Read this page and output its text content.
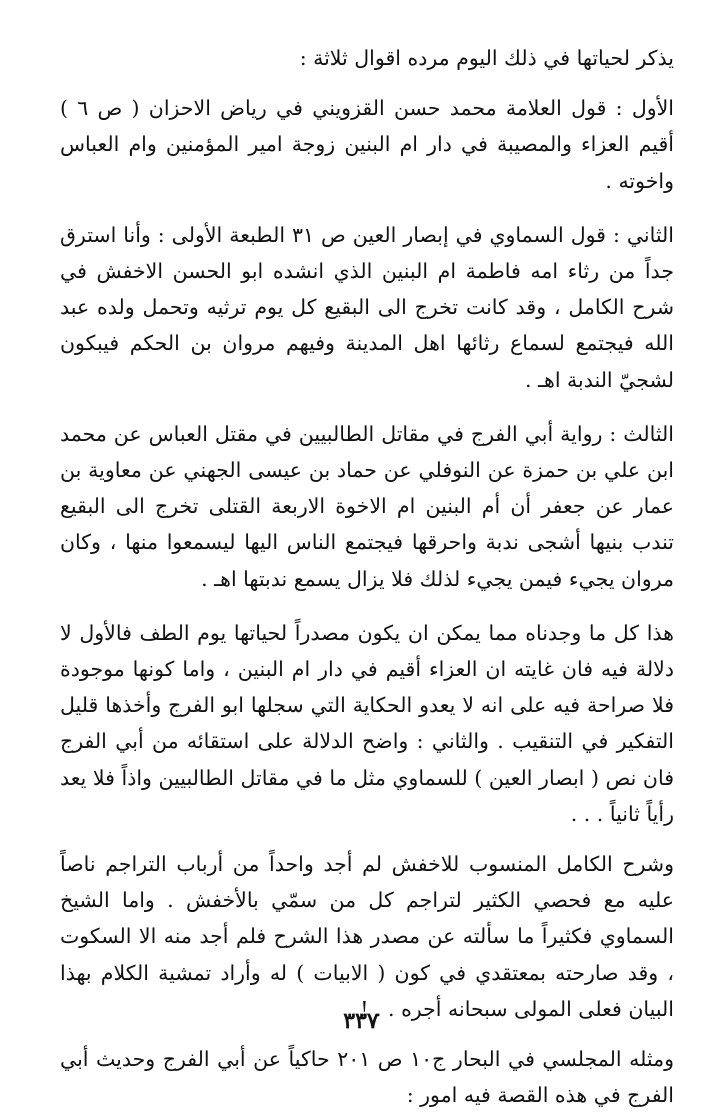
يذكر لحياتها في ذلك اليوم مرده اقوال ثلاثة :

الأول : قول العلامة محمد حسن القزويني في رياض الاحزان ( ص ٦ ) أقيم العزاء والمصيبة في دار ام البنين زوجة امير المؤمنين وام العباس واخوته .

الثاني : قول السماوي في إبصار العين ص ٣١ الطبعة الأولى : وأنا استرق جداً من رثاء امه فاطمة ام البنين الذي انشده ابو الحسن الاخفش في شرح الكامل ، وقد كانت تخرج الى البقيع كل يوم ترثيه وتحمل ولده عبد الله فيجتمع لسماع رثائها اهل المدينة وفيهم مروان بن الحكم فيبكون لشجيّ الندبة اهـ .

الثالث : رواية أبي الفرج في مقاتل الطالبيين في مقتل العباس عن محمد ابن علي بن حمزة عن النوفلي عن حماد بن عيسى الجهني عن معاوية بن عمار عن جعفر أن أم البنين ام الاخوة الاربعة القتلى تخرج الى البقيع تندب بنيها أشجى ندبة واحرقها فيجتمع الناس اليها ليسمعوا منها ، وكان مروان يجيء فيمن يجيء لذلك فلا يزال يسمع ندبتها اهـ .

هذا كل ما وجدناه مما يمكن ان يكون مصدراً لحياتها يوم الطف فالأول لا دلالة فيه فان غايته ان العزاء أقيم في دار ام البنين ، واما كونها موجودة فلا صراحة فيه على انه لا يعدو الحكاية التي سجلها ابو الفرج وأخذها قليل التفكير في التنقيب . والثاني : واضح الدلالة على استقائه من أبي الفرج فان نص ( ابصار العين ) للسماوي مثل ما في مقاتل الطالبيين واذاً فلا يعد رأياً ثانياً . . .

وشرح الكامل المنسوب للاخفش لم أجد واحداً من أرباب التراجم ناصاً عليه مع فحصي الكثير لتراجم كل من سمّي بالأخفش . واما الشيخ السماوي فكثيراً ما سألته عن مصدر هذا الشرح فلم أجد منه الا السكوت ، وقد صارحته بمعتقدي في كون ( الابيات ) له وأراد تمشية الكلام بهذا البيان فعلى المولى سبحانه أجره . . !

ومثله المجلسي في البحار ج١٠ ص ٢٠١ حاكياً عن أبي الفرج وحديث أبي الفرج في هذه القصة فيه امور :

٣٣٧
